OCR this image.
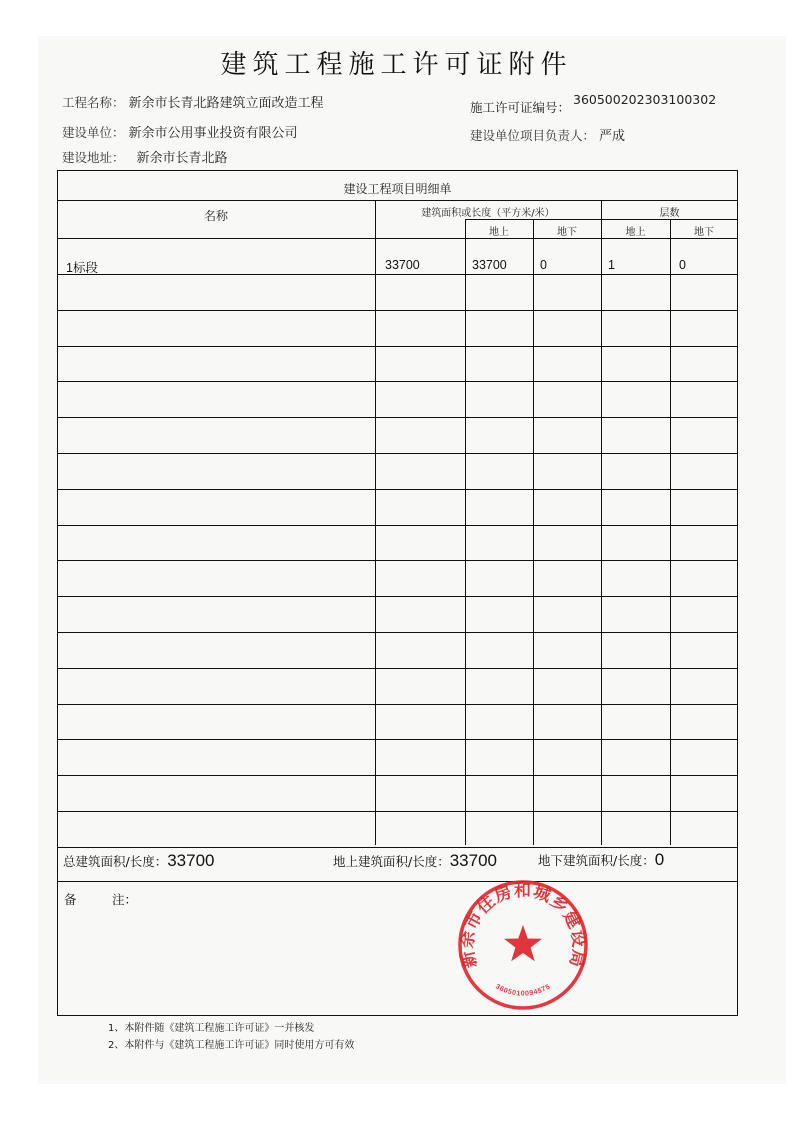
建筑工程施工许可证附件
工程名称： 新余市长青北路建筑立面改造工程
建设单位： 新余市公用事业投资有限公司
建设地址： 新余市长青北路
施工许可证编号：
360500202303100302
建设单位项目负责人： 严成
建设工程项目明细单
名称	建筑面积或长度（平方米/米）	层数
地上	地下	地上	地下
1标段	33700	33700	0	1	0
总建筑面积/长度：33700	地上建筑面积/长度：33700	地下建筑面积/长度：0
备	注：
新余市住房和城乡建设局
3605010094575
1、本附件随《建筑工程施工许可证》一并核发
2、本附件与《建筑工程施工许可证》同时使用方可有效
